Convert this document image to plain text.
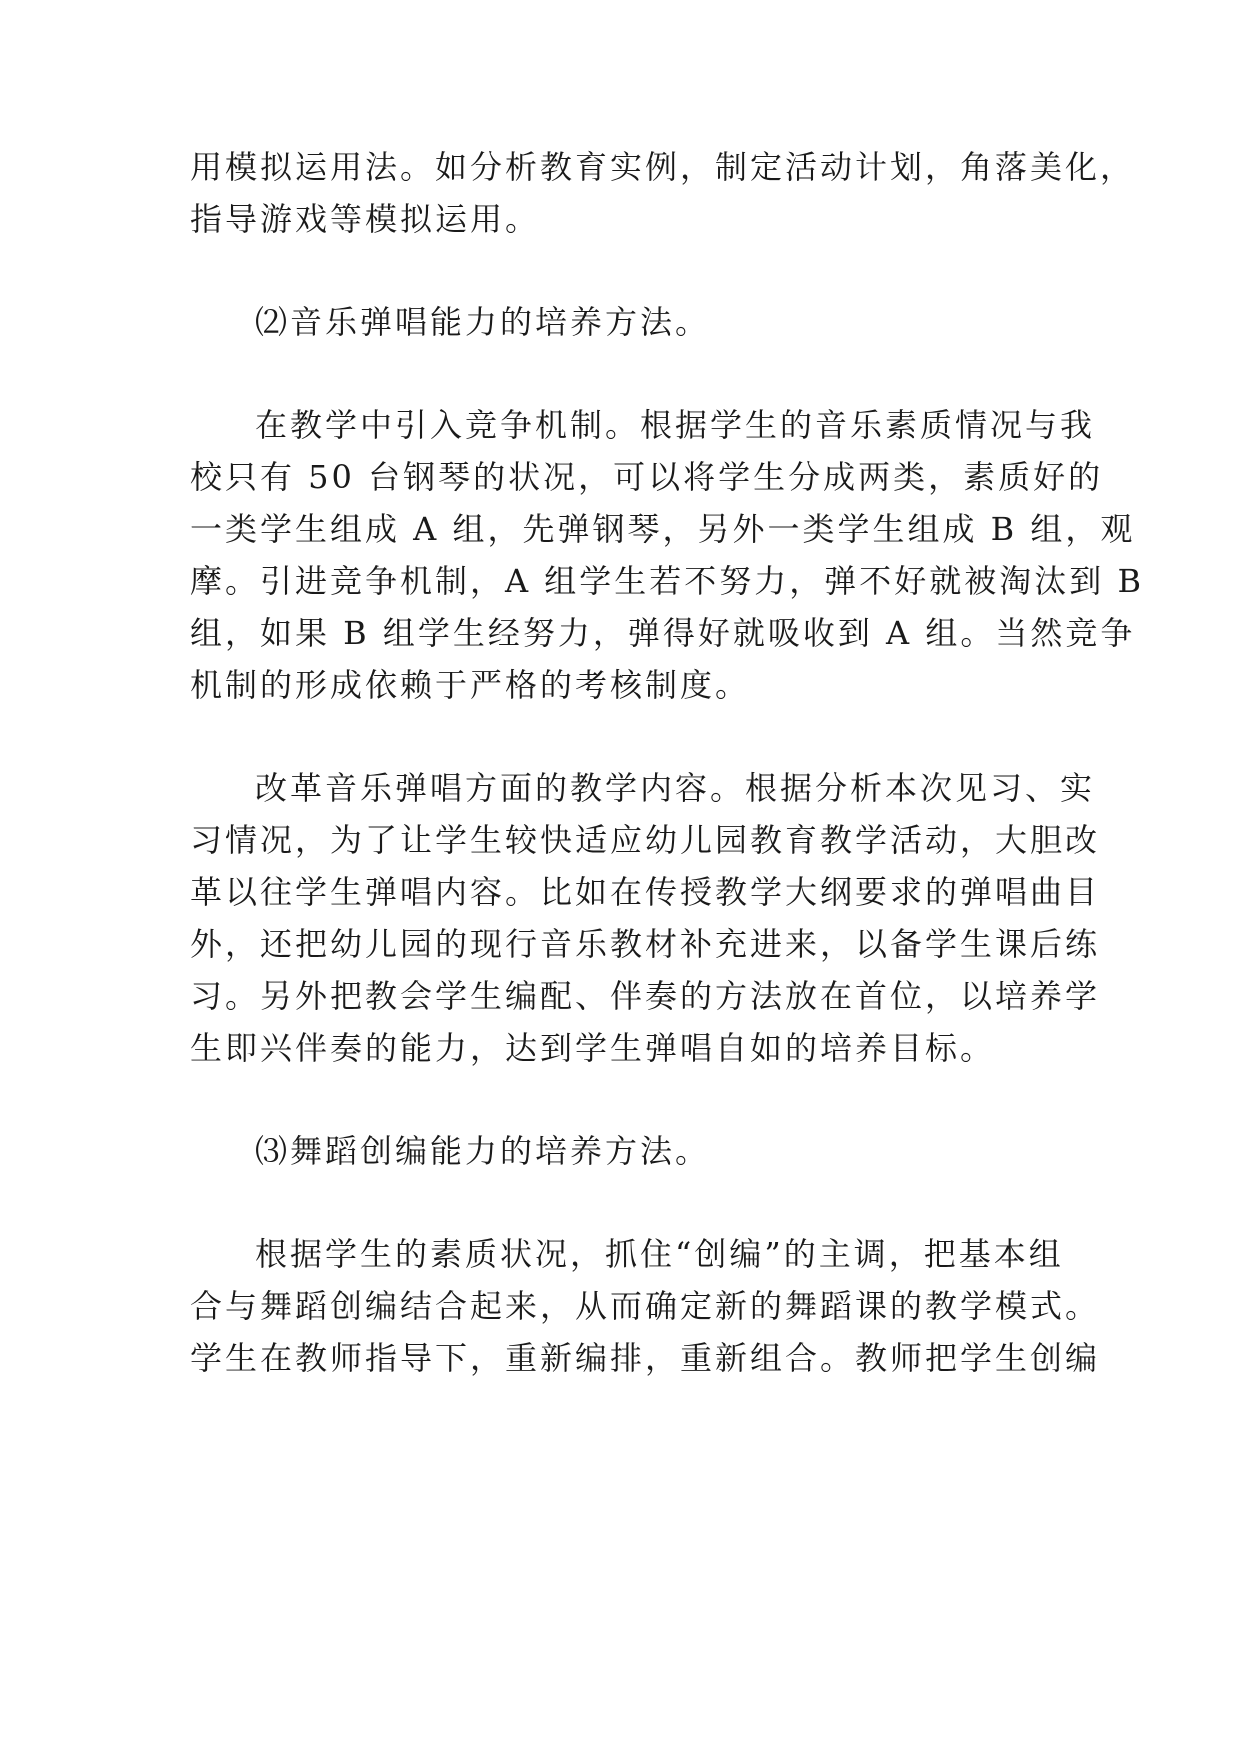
用模拟运用法。如分析教育实例，制定活动计划，角落美化，
指导游戏等模拟运用。
⑵音乐弹唱能力的培养方法。
在教学中引入竞争机制。根据学生的音乐素质情况与我
校只有 50 台钢琴的状况，可以将学生分成两类，素质好的
一类学生组成 A 组，先弹钢琴，另外一类学生组成 B 组，观
摩。引进竞争机制，A 组学生若不努力，弹不好就被淘汰到 B
组，如果 B 组学生经努力，弹得好就吸收到 A 组。当然竞争
机制的形成依赖于严格的考核制度。
改革音乐弹唱方面的教学内容。根据分析本次见习、实
习情况，为了让学生较快适应幼儿园教育教学活动，大胆改
革以往学生弹唱内容。比如在传授教学大纲要求的弹唱曲目
外，还把幼儿园的现行音乐教材补充进来，以备学生课后练
习。另外把教会学生编配、伴奏的方法放在首位，以培养学
生即兴伴奏的能力，达到学生弹唱自如的培养目标。
⑶舞蹈创编能力的培养方法。
根据学生的素质状况，抓住“创编”的主调，把基本组
合与舞蹈创编结合起来，从而确定新的舞蹈课的教学模式。
学生在教师指导下，重新编排，重新组合。教师把学生创编
